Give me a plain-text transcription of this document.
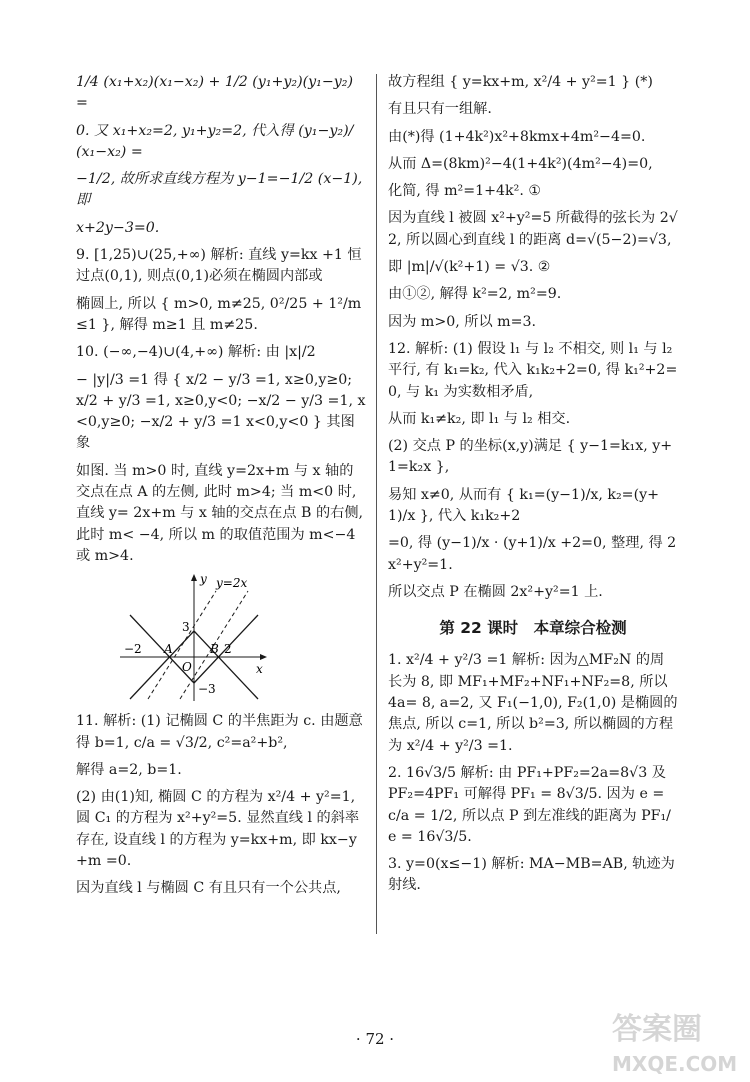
1/4 (x₁+x₂)(x₁−x₂) + 1/2 (y₁+y₂)(y₁−y₂) =
0. 又 x₁+x₂=2, y₁+y₂=2, 代入得 (y₁−y₂)/(x₁−x₂) =
−1/2, 故所求直线方程为 y−1=−1/2 (x−1), 即
x+2y−3=0.
9. [1,25)∪(25,+∞) 解析: 直线 y=kx +1 恒过点(0,1), 则点(0,1)必须在椭圆内部或
椭圆上, 所以 { m>0, m≠25, 0²/25 + 1²/m ≤1 }, 解得 m≥1 且 m≠25.
10. (−∞,−4)∪(4,+∞) 解析: 由 |x|/2
− |y|/3 =1 得 { x/2 − y/3 =1, x≥0,y≥0; x/2 + y/3 =1, x≥0,y<0; −x/2 − y/3 =1, x<0,y≥0; −x/2 + y/3 =1 x<0,y<0 } 其图象
如图. 当 m>0 时, 直线 y=2x+m 与 x 轴的交点在点 A 的左侧, 此时 m>4; 当 m<0 时, 直线 y= 2x+m 与 x 轴的交点在点 B 的右侧, 此时 m< −4, 所以 m 的取值范围为 m<−4 或 m>4.
y
x
y=2x
O
A	B
3
−3
−2	2
11. 解析: (1) 记椭圆 C 的半焦距为 c. 由题意得 b=1, c/a = √3/2, c²=a²+b²,
解得 a=2, b=1.
(2) 由(1)知, 椭圆 C 的方程为 x²/4 + y²=1, 圆 C₁ 的方程为 x²+y²=5. 显然直线 l 的斜率存在, 设直线 l 的方程为 y=kx+m, 即 kx−y+m =0.
因为直线 l 与椭圆 C 有且只有一个公共点,
故方程组 { y=kx+m, x²/4 + y²=1 } (*)
有且只有一组解.
由(*)得 (1+4k²)x²+8kmx+4m²−4=0.
从而 Δ=(8km)²−4(1+4k²)(4m²−4)=0,
化简, 得 m²=1+4k². ①
因为直线 l 被圆 x²+y²=5 所截得的弦长为 2√2, 所以圆心到直线 l 的距离 d=√(5−2)=√3,
即 |m|/√(k²+1) = √3. ②
由①②, 解得 k²=2, m²=9.
因为 m>0, 所以 m=3.
12. 解析: (1) 假设 l₁ 与 l₂ 不相交, 则 l₁ 与 l₂ 平行, 有 k₁=k₂, 代入 k₁k₂+2=0, 得 k₁²+2= 0, 与 k₁ 为实数相矛盾,
从而 k₁≠k₂, 即 l₁ 与 l₂ 相交.
(2) 交点 P 的坐标(x,y)满足 { y−1=k₁x, y+1=k₂x },
易知 x≠0, 从而有 { k₁=(y−1)/x, k₂=(y+1)/x }, 代入 k₁k₂+2
=0, 得 (y−1)/x · (y+1)/x +2=0, 整理, 得 2x²+y²=1.
所以交点 P 在椭圆 2x²+y²=1 上.
第 22 课时　本章综合检测
1. x²/4 + y²/3 =1 解析: 因为△MF₂N 的周长为 8, 即 MF₁+MF₂+NF₁+NF₂=8, 所以 4a= 8, a=2, 又 F₁(−1,0), F₂(1,0) 是椭圆的焦点, 所以 c=1, 所以 b²=3, 所以椭圆的方程为 x²/4 + y²/3 =1.
2. 16√3/5 解析: 由 PF₁+PF₂=2a=8√3 及 PF₂=4PF₁ 可解得 PF₁ = 8√3/5. 因为 e = c/a = 1/2, 所以点 P 到左准线的距离为 PF₁/e = 16√3/5.
3. y=0(x≤−1) 解析: MA−MB=AB, 轨迹为射线.
· 72 ·	答案圈
MXQE.COM
